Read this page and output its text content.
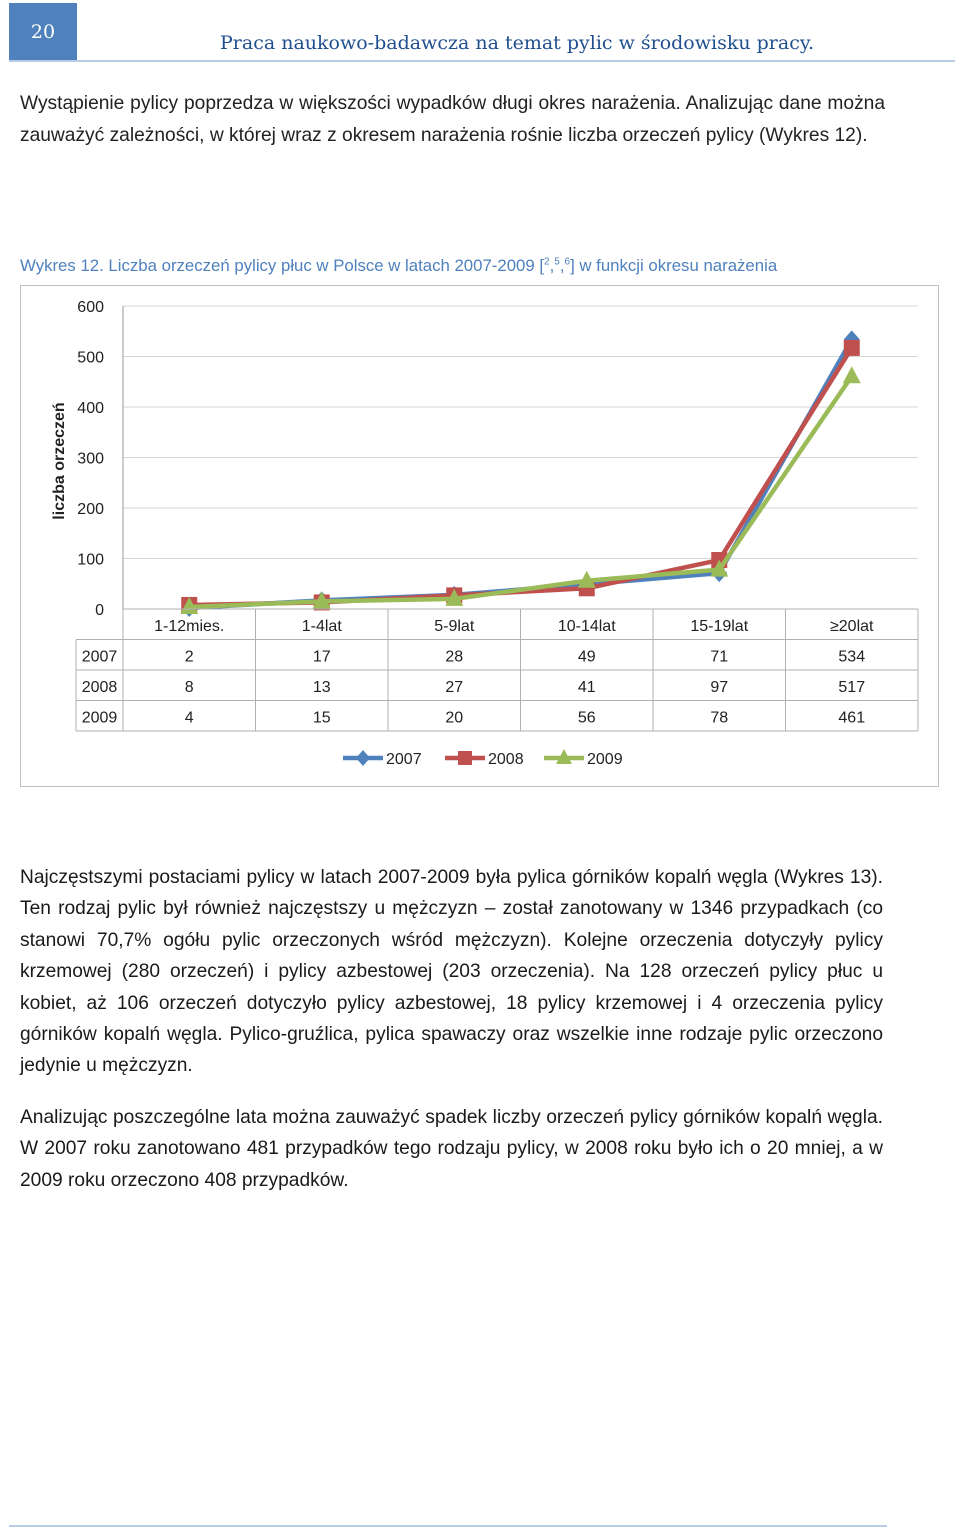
20	Praca naukowo-badawcza na temat pylic w środowisku pracy.

Wystąpienie pylicy poprzedza w większości wypadków długi okres narażenia. Analizując dane można zauważyć zależności, w której wraz z okresem narażenia rośnie liczba orzeczeń pylicy (Wykres 12).

Wykres 12. Liczba orzeczeń pylicy płuc w Polsce w latach 2007-2009 [$^2$,$^5$,$^6$] w funkcji okresu narażenia

0
100
200
300
400
500
600
liczba orzeczeń
1-12mies.	1-4lat	5-9lat	10-14lat	15-19lat	≥20lat
2007	2	17	28	49	71	534
2008	8	13	27	41	97	517
2009	4	15	20	56	78	461
2007	2008	2009

Najczęstszymi postaciami pylicy w latach 2007-2009 była pylica górników kopalń węgla (Wykres 13). Ten rodzaj pylic był również najczęstszy u mężczyzn – został zanotowany w 1346 przypadkach (co stanowi 70,7% ogółu pylic orzeczonych wśród mężczyzn). Kolejne orzeczenia dotyczyły pylicy krzemowej (280 orzeczeń) i pylicy azbestowej (203 orzeczenia). Na 128 orzeczeń pylicy płuc u kobiet, aż 106 orzeczeń dotyczyło pylicy azbestowej, 18 pylicy krzemowej i 4 orzeczenia pylicy górników kopalń węgla. Pylico-gruźlica, pylica spawaczy oraz wszelkie inne rodzaje pylic orzeczono jedynie u mężczyzn.

Analizując poszczególne lata można zauważyć spadek liczby orzeczeń pylicy górników kopalń węgla. W 2007 roku zanotowano 481 przypadków tego rodzaju pylicy, w 2008 roku było ich o 20 mniej, a w 2009 roku orzeczono 408 przypadków.
